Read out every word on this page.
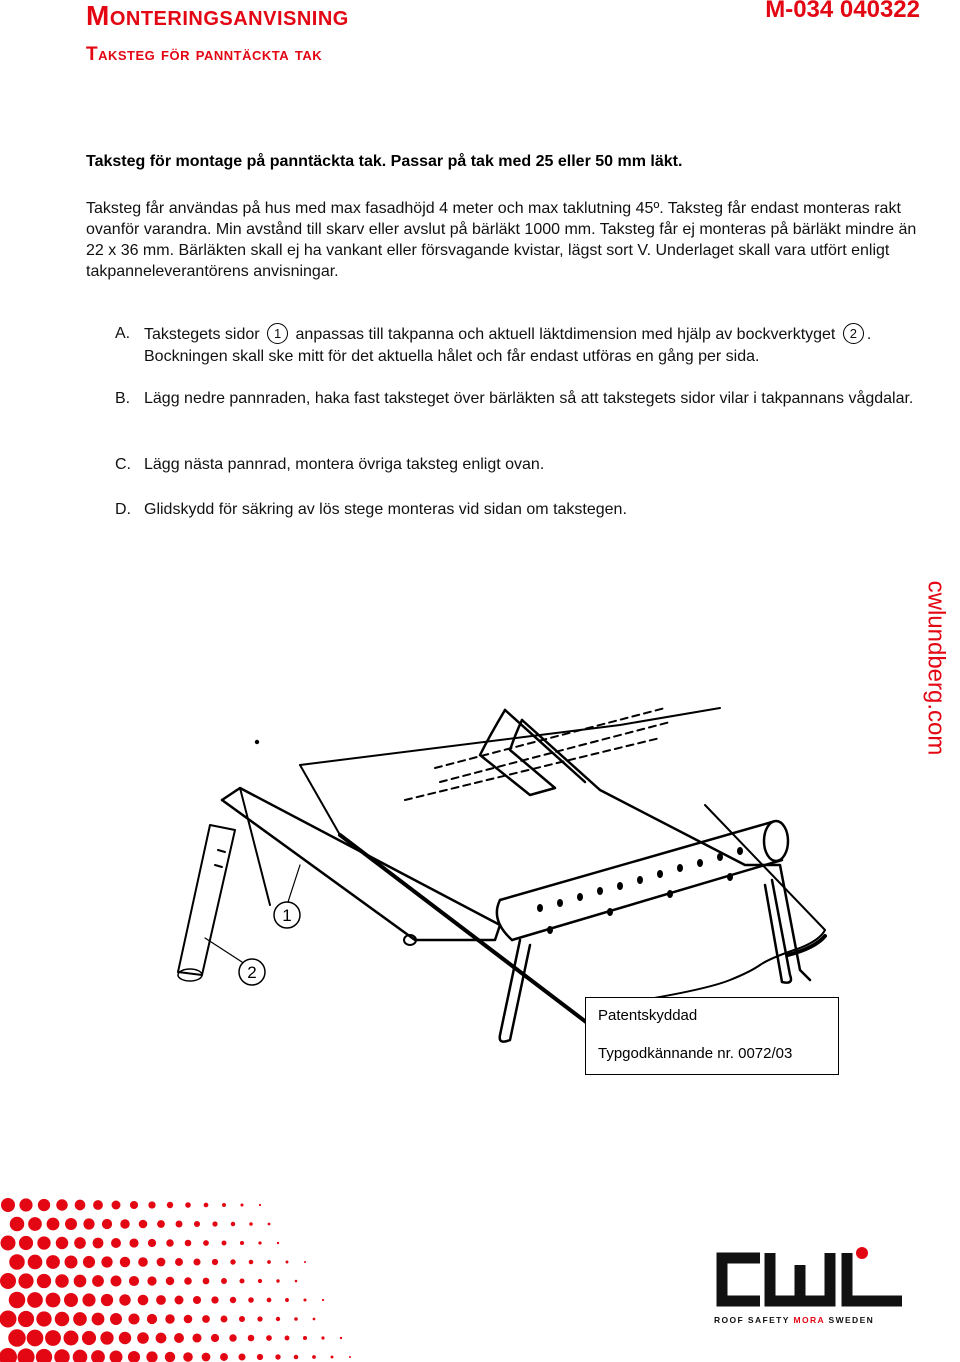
Monteringsanvisning
Taksteg för panntäckta tak
M-034 040322
Taksteg för montage på panntäckta tak. Passar på tak med 25 eller 50 mm läkt.
Taksteg får användas på hus med max fasadhöjd 4 meter och max taklutning 45º. Taksteg får endast monteras rakt ovanför varandra. Min avstånd till skarv eller avslut på bärläkt 1000 mm. Taksteg får ej monteras på bärläkt mindre än 22 x 36 mm. Bärläkten skall ej ha vankant eller försvagande kvistar, lägst sort V. Underlaget skall vara utfört enligt takpanneleverantörens anvisningar.
A. Takstegets sidor 1 anpassas till takpanna och aktuell läktdimension med hjälp av bockverktyget 2 . Bockningen skall ske mitt för det aktuella hålet och får endast utföras en gång per sida.
B. Lägg nedre pannraden, haka fast taksteget över bärläkten så att takstegets sidor vilar i takpannans vågdalar.
C. Lägg nästa pannrad, montera övriga taksteg enligt ovan.
D. Glidskydd för säkring av lös stege monteras vid sidan om takstegen.
cwlundberg.com
1
2
Patentskyddad
Typgodkännande nr. 0072/03
ROOF SAFETY MORA SWEDEN
